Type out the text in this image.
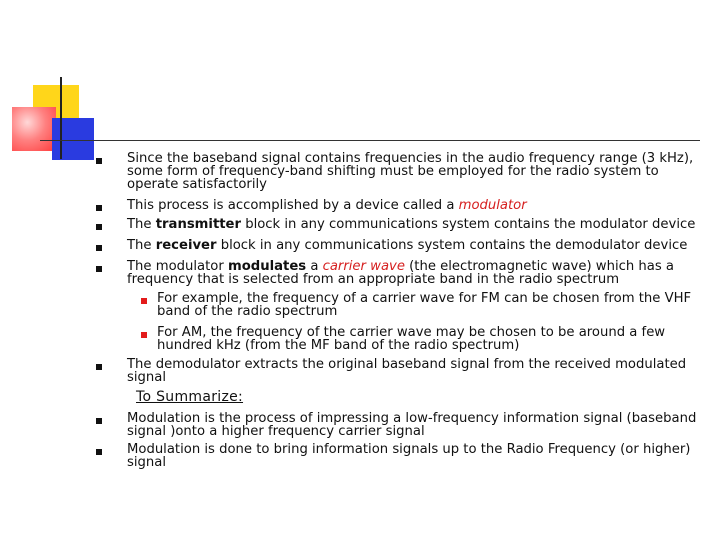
Since the baseband signal contains frequencies in the audio frequency range (3 kHz), some form of frequency-band shifting must be employed for the radio system to operate satisfactorily
This process is accomplished by a device called a modulator
The transmitter block in any communications system contains the modulator device
The receiver block in any communications system contains the demodulator device
The modulator modulates a carrier wave (the electromagnetic wave) which has a frequency that is selected from an appropriate band in the radio spectrum
For example, the frequency of a carrier wave for FM can be chosen from the VHF band of the radio spectrum
For AM, the frequency of the carrier wave may be chosen to be around a few hundred kHz (from the MF band of the radio spectrum)
The demodulator extracts the original baseband signal from the received modulated signal
To Summarize:
Modulation is the process of impressing a low-frequency information signal (baseband signal )onto a higher frequency carrier signal
Modulation is done to bring information signals up to the Radio Frequency (or higher) signal
